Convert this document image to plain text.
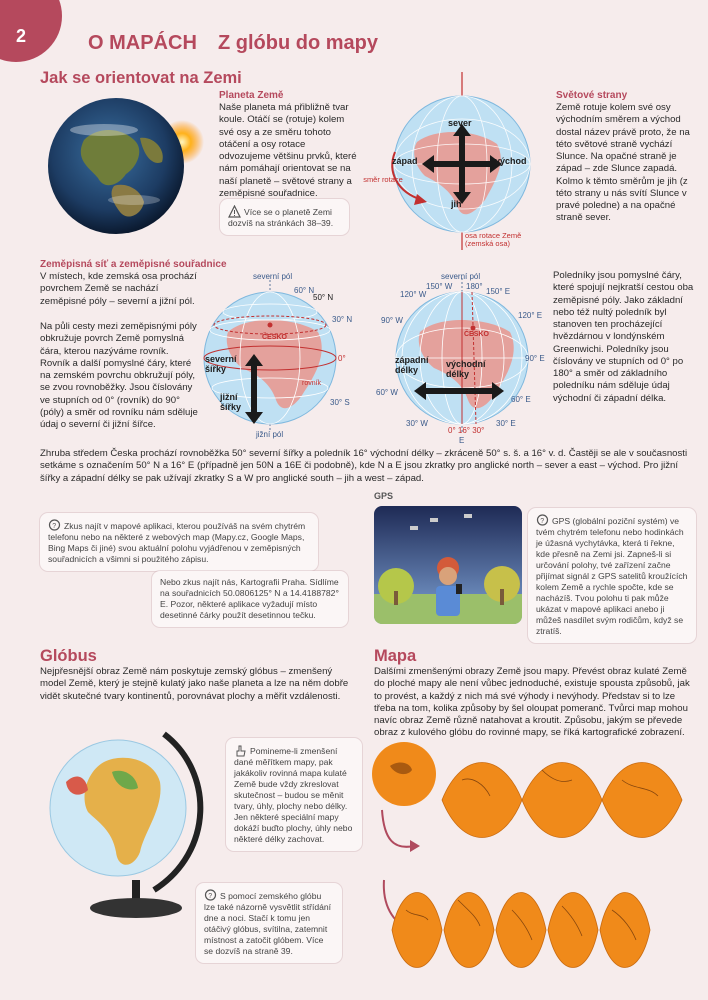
2	O MAPÁCH Z glóbu do mapy
Jak se orientovat na Zemi
Planeta Země
Naše planeta má přibližně tvar koule. Otáčí se (rotuje) kolem své osy a ze směru tohoto otáčení a osy rotace odvozujeme většinu prvků, které nám pomáhají orientovat se na naší planetě – světové strany a zeměpisné souřadnice.
Více se o planetě Zemi dozvíš na stránkách 38–39.
sever
jih
západ	východ
směr rotace
osa rotace Země (zemská osa)
Světové strany
Země rotuje kolem své osy východním směrem a východ dostal název právě proto, že na této světové straně vychází Slunce. Na opačné straně je západ – zde Slunce zapadá. Kolmo k těmto směrům je jih (z této strany u nás svítí Slunce v pravé poledne) a na opačné straně sever.
Zeměpisná síť a zeměpisné souřadnice
V místech, kde zemská osa prochází povrchem Země se nachází zeměpisné póly – severní a jižní pól.
Na půli cesty mezi zeměpisnými póly obkružuje povrch Země pomyslná čára, kterou nazýváme rovník. Rovník a další pomyslné čáry, které na zemském povrchu obkružují póly, se zvou rovnoběžky. Jsou číslovány ve stupních od 0° (rovník) do 90° (póly) a směr od rovníku nám sděluje údaj o severní či jižní šířce.
severní pól
60° N
50° N
30° N
0°
30° S
jižní pól
severní šířky
jižní šířky
ČESKO
rovník
severní pól
150° W 180°
150° E
120° W
120° E
90° W
90° E
60° W
60° E
30° W	30° E
0° 16° 30°
E
západní délky
východní délky
ČESKO
Poledníky jsou pomyslné čáry, které spojují nejkratší cestou oba zeměpisné póly. Jako základní nebo též nultý poledník byl stanoven ten procházející hvězdárnou v londýnském Greenwichi. Poledníky jsou číslovány ve stupních od 0° po 180° a směr od základního poledníku nám sděluje údaj východní či západní délka.
Zhruba středem Česka prochází rovnoběžka 50° severní šířky a poledník 16° východní délky – zkráceně 50° s. š. a 16° v. d. Častěji se ale v současnosti setkáme s označením 50° N a 16° E (případně jen 50N a 16E či podobně), kde N a E jsou zkratky pro anglické north – sever a east – východ. Pro jižní šířky a západní délky se pak užívají zkratky S a W pro anglické south – jih a west – západ.
? Zkus najít v mapové aplikaci, kterou používáš na svém chytrém telefonu nebo na některé z webových map (Mapy.cz, Google Maps, Bing Maps či jiné) svou aktuální polohu vyjádřenou v zeměpisných souřadnicích a všimni si použitého zápisu.
Nebo zkus najít nás, Kartografii Praha. Sídlíme na souřadnicích 50.0806125° N a 14.4188782° E. Pozor, některé aplikace vyžadují místo desetinné čárky použít desetinnou tečku.
GPS
? GPS (globální poziční systém) ve tvém chytrém telefonu nebo hodinkách je úžasná vychytávka, která ti řekne, kde přesně na Zemi jsi. Zapneš-li si určování polohy, tvé zařízení začne přijímat signál z GPS satelitů kroužících kolem Země a rychle spočte, kde se nacházíš. Tvou polohu ti pak může ukázat v mapové aplikaci anebo ji můžeš nasdílet svým rodičům, když se ztratíš.
Glóbus
Nejpřesnější obraz Země nám poskytuje zemský glóbus – zmenšený model Země, který je stejně kulatý jako naše planeta a lze na něm dobře vidět skutečné tvary kontinentů, porovnávat plochy a měřit vzdálenosti.
Pomineme-li zmenšení dané měřítkem mapy, pak jakákoliv rovinná mapa kulaté Země bude vždy zkreslovat skutečnost – budou se měnit tvary, úhly, plochy nebo délky. Jen některé speciální mapy dokáží buďto plochy, úhly nebo některé délky zachovat.
? S pomocí zemského glóbu lze také názorně vysvětlit střídání dne a noci. Stačí k tomu jen otáčivý glóbus, svítilna, zatemnit místnost a zatočit glóbem. Více se dozvíš na straně 39.
Mapa
Dalšími zmenšenými obrazy Země jsou mapy. Převést obraz kulaté Země do ploché mapy ale není vůbec jednoduché, existuje spousta způsobů, jak to provést, a každý z nich má své výhody i nevýhody. Představ si to lze třeba na tom, kolika způsoby by šel oloupat pomeranč. Tvůrci map mohou navíc obraz Země různě natahovat a kroutit. Způsobu, jakým se převede obraz z kulového glóbu do rovinné mapy, se říká kartografické zobrazení.
